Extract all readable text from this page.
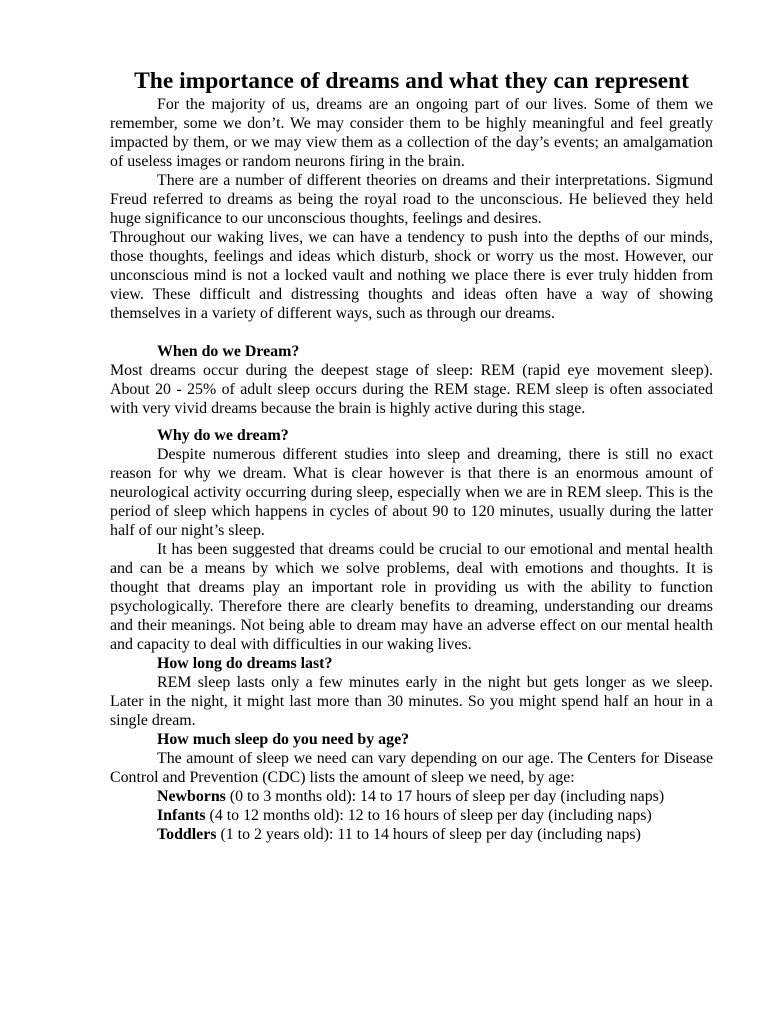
The importance of dreams and what they can represent

For the majority of us, dreams are an ongoing part of our lives. Some of them we remember, some we don’t. We may consider them to be highly meaningful and feel greatly impacted by them, or we may view them as a collection of the day’s events; an amalgamation of useless images or random neurons firing in the brain.

There are a number of different theories on dreams and their interpretations. Sigmund Freud referred to dreams as being the royal road to the unconscious. He believed they held huge significance to our unconscious thoughts, feelings and desires.

Throughout our waking lives, we can have a tendency to push into the depths of our minds, those thoughts, feelings and ideas which disturb, shock or worry us the most. However, our unconscious mind is not a locked vault and nothing we place there is ever truly hidden from view. These difficult and distressing thoughts and ideas often have a way of showing themselves in a variety of different ways, such as through our dreams.

When do we Dream?

Most dreams occur during the deepest stage of sleep: REM (rapid eye movement sleep). About 20 - 25% of adult sleep occurs during the REM stage. REM sleep is often associated with very vivid dreams because the brain is highly active during this stage.

Why do we dream?

Despite numerous different studies into sleep and dreaming, there is still no exact reason for why we dream. What is clear however is that there is an enormous amount of neurological activity occurring during sleep, especially when we are in REM sleep. This is the period of sleep which happens in cycles of about 90 to 120 minutes, usually during the latter half of our night’s sleep.

It has been suggested that dreams could be crucial to our emotional and mental health and can be a means by which we solve problems, deal with emotions and thoughts. It is thought that dreams play an important role in providing us with the ability to function psychologically. Therefore there are clearly benefits to dreaming, understanding our dreams and their meanings. Not being able to dream may have an adverse effect on our mental health and capacity to deal with difficulties in our waking lives.

How long do dreams last?

REM sleep lasts only a few minutes early in the night but gets longer as we sleep. Later in the night, it might last more than 30 minutes. So you might spend half an hour in a single dream.

How much sleep do you need by age?

The amount of sleep we need can vary depending on our age. The Centers for Disease Control and Prevention (CDC) lists the amount of sleep we need, by age:

Newborns (0 to 3 months old): 14 to 17 hours of sleep per day (including naps)

Infants (4 to 12 months old): 12 to 16 hours of sleep per day (including naps)

Toddlers (1 to 2 years old): 11 to 14 hours of sleep per day (including naps)
